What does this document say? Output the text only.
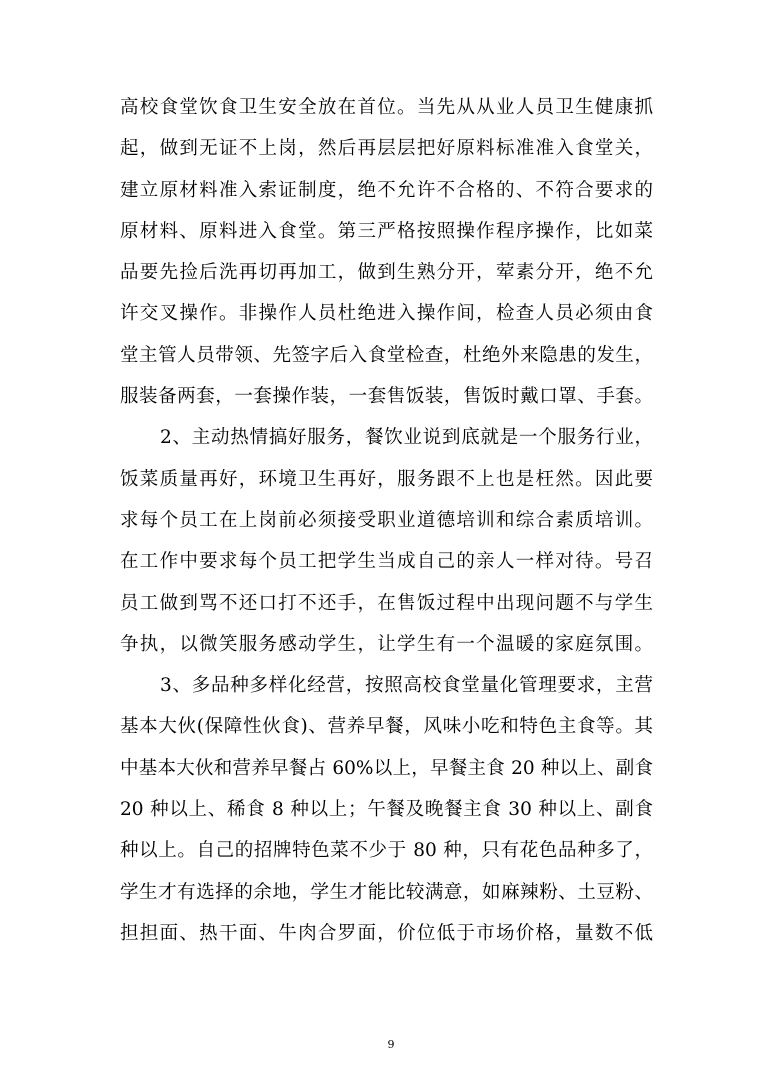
高校食堂饮食卫生安全放在首位。当先从从业人员卫生健康抓
起，做到无证不上岗，然后再层层把好原料标准准入食堂关，
建立原材料准入索证制度，绝不允许不合格的、不符合要求的
原材料、原料进入食堂。第三严格按照操作程序操作，比如菜
品要先捡后洗再切再加工，做到生熟分开，荤素分开，绝不允
许交叉操作。非操作人员杜绝进入操作间，检查人员必须由食
堂主管人员带领、先签字后入食堂检查，杜绝外来隐患的发生，
服装备两套，一套操作装，一套售饭装，售饭时戴口罩、手套。
2、主动热情搞好服务，餐饮业说到底就是一个服务行业，
饭菜质量再好，环境卫生再好，服务跟不上也是枉然。因此要
求每个员工在上岗前必须接受职业道德培训和综合素质培训。
在工作中要求每个员工把学生当成自己的亲人一样对待。号召
员工做到骂不还口打不还手，在售饭过程中出现问题不与学生
争执，以微笑服务感动学生，让学生有一个温暖的家庭氛围。
3、多品种多样化经营，按照高校食堂量化管理要求，主营
基本大伙(保障性伙食)、营养早餐，风味小吃和特色主食等。其
中基本大伙和营养早餐占 60%以上，早餐主食 20 种以上、副食
20 种以上、稀食 8 种以上；午餐及晚餐主食 30 种以上、副食
种以上。自己的招牌特色菜不少于 80 种，只有花色品种多了，
学生才有选择的余地，学生才能比较满意，如麻辣粉、土豆粉、
担担面、热干面、牛肉合罗面，价位低于市场价格，量数不低
9
